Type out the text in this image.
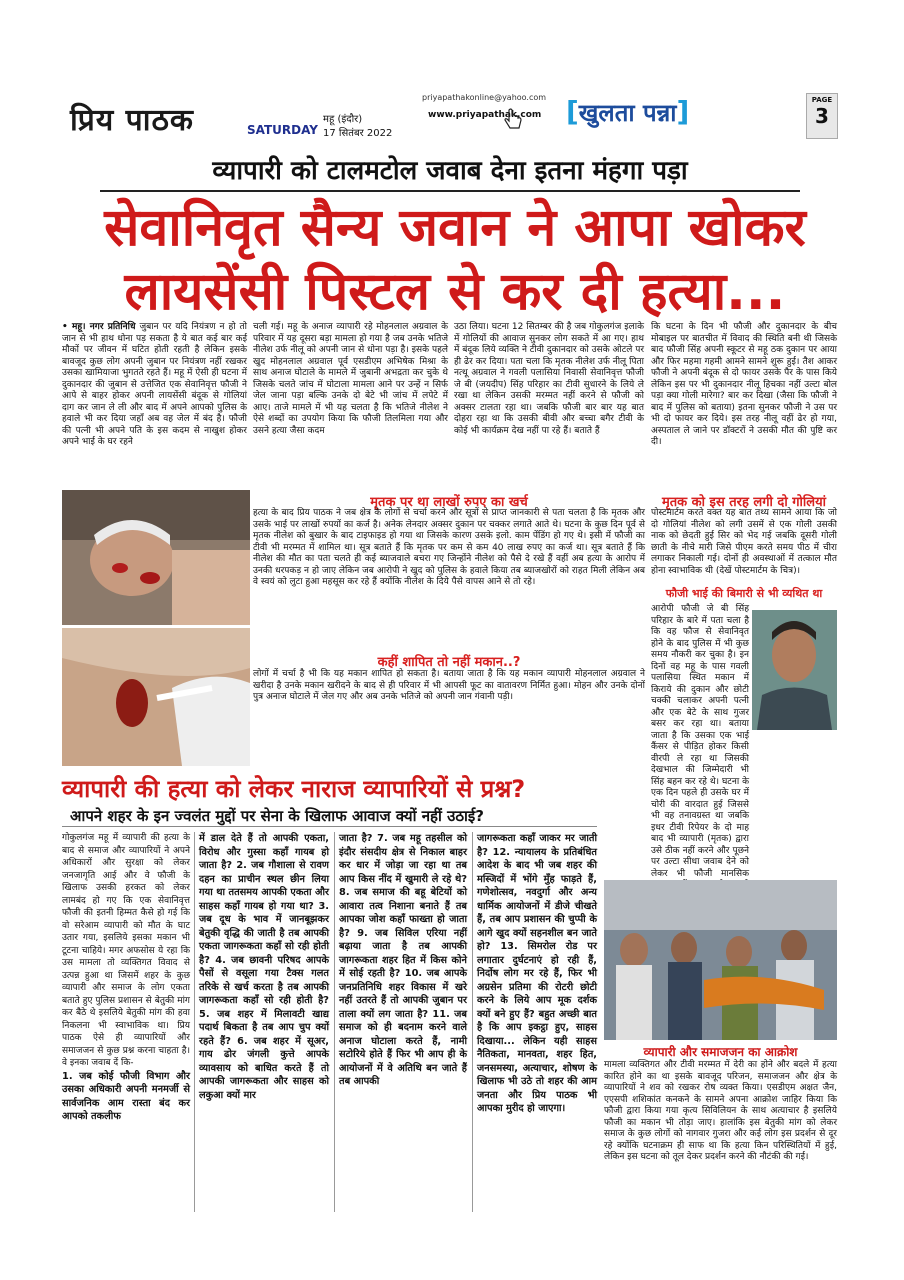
प्रिय पाठक	SATURDAY
महू (इंदौर)
17 सितंबर 2022
priyapathakonline@yahoo.com
www.priyapathak.com [खुलता पन्ना]	PAGE
3
व्यापारी को टालमटोल जवाब देना इतना मंहगा पड़ा
सेवानिवृत सैन्य जवान ने आपा खोकर
लायसेंसी पिस्टल से कर दी हत्या...

• महू। नगर प्रतिनिधि जुबान पर यदि नियंत्रण न हो तो जान से भी हाथ धोना पड़ सकता है ये बात कई बार कई मौकों पर जीवन में घटित होती रहती है लेकिन इसके बावजूद कुछ लोग अपनी जुबान पर नियंत्रण नहीं रखकर उसका खामियाजा भुगतते रहते हैं। महू में ऐसी ही घटना में दुकानदार की जुबान से उत्तेजित एक सेवानिवृत्त फौजी ने आपे से बाहर होकर अपनी लायसेंसी बंदूक से गोलियां दाग कर जान ले ली और बाद में अपने आपको पुलिस के हवाले भी कर दिया जहाँ अब वह जेल में बंद है। फौजी की पत्नी भी अपने पति के इस कदम से नाखुश होकर अपने भाई के घर रहने

चली गई। महू के अनाज व्यापारी रहे मोहनलाल अग्रवाल के परिवार में यह दूसरा बड़ा मामला हो गया है जब उनके भतिजे नीलेश उर्फ नीलू को अपनी जान से धोना पड़ा है। इसके पहले खुद मोहनलाल अग्रवाल पूर्व एसडीएम अभिषेक मिश्रा के साथ अनाज घोटाले के मामले में जुबानी अभद्रता कर चुके थे जिसके चलते जांच में घोटाला मामला आने पर उन्हें न सिर्फ जेल जाना पड़ा बल्कि उनके दो बेटे भी जांच में लपेटे में आए। ताजे मामले में भी यह चलता है कि भतिजे नीलेश ने ऐसे शब्दों का उपयोग किया कि फौजी तिलमिला गया और उसने हत्या जैसा कदम
उठा लिया। घटना 12 सितम्बर की है जब गोकुलगंज इलाके में गोलियों की आवाज सुनकर लोग सकते में आ गए। हाथ में बंदूक लिये व्यक्ति ने टीवी दुकानदार को उसके ओटले पर ही ढेर कर दिया। पता चला कि मृतक नीलेश उर्फ नीलू पिता नत्थू अग्रवाल ने गवली पलासिया निवासी सेवानिवृत्त फौजी जे बी (जयदीप) सिंह परिहार का टीवी सुधारने के लिये ले रखा था लेकिन उसकी मरम्मत नहीं करने से फौजी को अक्सर टालता रहा था। जबकि फौजी बार बार यह बात दोहरा रहा था कि उसकी बीवी और बच्चा बगैर टीवी के कोई भी कार्यक्रम देख नहीं पा रहे हैं। बताते हैं
कि घटना के दिन भी फौजी और दुकानदार के बीच मोबाइल पर बातचीत में विवाद की स्थिति बनी थी जिसके बाद फौजी सिंह अपनी स्कूटर से महू ठक दुकान पर आया और फिर महमा गहमी आमने सामने शुरू हुई। तैश आकर फौजी ने अपनी बंदूक से दो फायर उसके पैर के पास किये लेकिन इस पर भी दुकानदार नीलू हिचका नहीं उल्टा बोल पड़ा क्या गोली मारेगा? बार कर दिखा (जैसा कि फौजी ने बाद में पुलिस को बताया) इतना सुनकर फौजी ने उस पर भी दो फायर कर दिये। इस तरह नीलू वहीं ढेर हो गया, अस्पताल ले जाने पर डॉक्टरों ने उसकी मौत की पुष्टि कर दी।
मृतक पर था लाखों रुपए का खर्च
हत्या के बाद प्रिय पाठक ने जब क्षेत्र के लोगों से चर्चा करने और सूत्रों से प्राप्त जानकारी से पता चलता है कि मृतक और उसके भाई पर लाखों रुपयों का कर्ज है। अनेक लेनदार अक्सर दुकान पर चक्कर लगाते आते थे। घटना के कुछ दिन पूर्व से मृतक नीलेश को बुखार के बाद टाइफाइड हो गया था जिसके कारण उसके इलो. काम पेंडिंग हो गए थे। इसी में फौजी का टीवी भी मरम्मत में शामिल था। सूत्र बताते हैं कि मृतक पर कम से कम 40 लाख रुपए का कर्ज था। सूत्र बताते हैं कि नीलेश की मौत का पता चलते ही कई ब्याजवाले बचरा गए जिन्होंने नीलेश को पैसे दे रखे हैं वहीं अब हत्या के आरोप में उनकी धरपकड़ न हो जाए लेकिन जब आरोपी ने खुद को पुलिस के हवाले किया तब ब्याजखोरों को राहत मिली लेकिन अब वे स्वयं को लुटा हुआ महसूस कर रहे हैं क्योंकि नीलेश के दिये पैसे वापस आने से तो रहे।
कहीं शापित तो नहीं मकान..?
लोगों में चर्चा है भी कि यह मकान शापित हो सकता है। बताया जाता है कि यह मकान व्यापारी मोहनलाल अग्रवाल ने खरीदा है उनके मकान खरीदने के बाद से ही परिवार में भी आपसी फूट का वातावरण निर्मित हुआ। मोहन और उनके दोनों पुत्र अनाज घोटाले में जेल गए और अब उनके भतिजे को अपनी जान गंवानी पड़ी।
मृतक को इस तरह लगी दो गोलियां
पोस्टमार्टम करते वक्त यह बात तथ्य सामने आया कि जो दो गोलियां नीलेश को लगी उसमें से एक गोली उसकी नाक को छेदती हुई सिर को भेद गई जबकि दूसरी गोली छाती के नीचे मारी जिसे पीएम करते समय पीठ में चीरा लगाकर निकाली गई। दोनों ही अवस्थाओं में तत्काल मौत होना स्वाभाविक थी (देखें पोस्टमार्टम के चित्र)।
फौजी भाई की बिमारी से भी व्यथित था
आरोपी फौजी जे बी सिंह परिहार के बारे में पता चला है कि वह फौज से सेवानिवृत होने के बाद पुलिस में भी कुछ समय नौकरी कर चुका है। इन दिनों वह महू के पास गवली पलासिया स्थित मकान में किराये की दुकान और छोटी चक्की चलाकर अपनी पत्नी और एक बेटे के साथ गुजर बसर कर रहा था। बताया जाता है कि उसका एक भाई कैंसर से पीड़ित होकर किसी वीरपी ले रहा था जिसकी देखभाल की जिम्मेदारी भी सिंह बहन कर रहे थे। घटना के एक दिन पहले ही उसके घर में चोरी की वारदात हुई जिससे भी वह तनावग्रस्त था जबकि इधर टीवी रिपेयर के दो माह बाद भी व्यापारी (मृतक) द्वारा उसे ठीक नहीं करने और पूछने पर उल्टा सीधा जवाब देने को लेकर भी फौजी मानसिक
व्यापारी की हत्या को लेकर नाराज व्यापारियों से प्रश्न?
आपने शहर के इन ज्वलंत मुद्दों पर सेना के खिलाफ आवाज क्यों नहीं उठाई?
गोकुलगंज महू में व्यापारी की हत्या के बाद से समाज और व्यापारियों ने अपने अधिकारों और सुरक्षा को लेकर जनजागृति आई और वे फौजी के खिलाफ उसकी हरकत को लेकर लामबंद हो गए कि एक सेवानिवृत्त फौजी की इतनी हिम्मत कैसे हो गई कि वो सरेआम व्यापारी को मौत के घाट उतार गया, इसलिये इसका मकान भी टूटना चाहिये। मगर अफसोस ये रहा कि उस मामला तो व्यक्तिगत विवाद से उत्पन्न हुआ था जिसमें शहर के कुछ व्यापारी और समाज के लोग एकता बताते हुए पुलिस प्रशासन से बेतुकी मांग कर बैठे थे इसलिये बेतुकी मांग की हवा निकलना भी स्वाभाविक था। प्रिय पाठक ऐसे ही व्यापारियों और समाजजन से कुछ प्रश्न करना चाहता है। वे इनका जवाब दें कि-
1. जब कोई फौजी विभाग और उसका अधिकारी अपनी मनमर्जी से सार्वजनिक आम रास्ता बंद कर आपको तकलीफ
में डाल देते हैं तो आपकी एकता, विरोध और गुस्सा कहाँ गायब हो जाता है? 2. जब गौशाला से रावण दहन का प्राचीन स्थल छीन लिया गया था ततसमय आपकी एकता और साहस कहाँ गायब हो गया था? 3. जब दूध के भाव में जानबूझकर बेतुकी वृद्धि की जाती है तब आपकी एकता जागरूकता कहाँ सो रही होती है? 4. जब छावनी परिषद आपके पैसों से वसूला गया टैक्स गलत तरिके से खर्च करता है तब आपकी जागरूकता कहाँ सो रही होती है? 5. जब शहर में मिलावटी खाद्य पदार्थ बिकता है तब आप चुप क्यों रहते हैं? 6. जब शहर में सूअर, गाय ढोर जंगली कुत्ते आपके व्यावसाय को बाधित करते हैं तो आपकी जागरूकता और साहस को लकुआ क्यों मार
जाता है? 7. जब महू तहसील को इंदौर संसदीय क्षेत्र से निकाल बाहर कर धार में जोड़ा जा रहा था तब आप किस नींद में खुमारी ले रहे थे? 8. जब समाज की बहू बेटियों को आवारा तत्व निशाना बनाते हैं तब आपका जोश कहाँ फाख्ता हो जाता है? 9. जब सिविल एरिया नहीं बढ़ाया जाता है तब आपकी जागरूकता शहर हित में किस कोने में सोई रहती है? 10. जब आपके जनप्रतिनिधि शहर विकास में खरे नहीं उतरते हैं तो आपकी जुबान पर ताला क्यों लग जाता है? 11. जब समाज को ही बदनाम करने वाले अनाज घोटाला करते हैं, नामी सटोरिये होते हैं फिर भी आप ही के आयोजनों में वे अतिथि बन जाते हैं तब आपकी
जागरूकता कहाँ जाकर मर जाती है? 12. न्यायालय के प्रतिबंधित आदेश के बाद भी जब शहर की मस्जिदों में भोंगे मुँह फाड़ते हैं, गणेशोत्सव, नवदुर्गा और अन्य धार्मिक आयोजनों में डीजे चीखते हैं, तब आप प्रशासन की चुप्पी के आगे खुद क्यों सहनशील बन जाते हो? 13. सिमरोल रोड पर लगातार दुर्घटनाएं हो रही हैं, निर्दोष लोग मर रहे हैं, फिर भी अग्रसेन प्रतिमा की रोटरी छोटी करने के लिये आप मूक दर्शक क्यों बने हुए हैं? बहुत अच्छी बात है कि आप इकट्ठा हुए, साहस दिखाया... लेकिन यही साहस नैतिकता, मानवता, शहर हित, जनसमस्या, अत्याचार, शोषण के खिलाफ भी उठे तो शहर की आम जनता और प्रिय पाठक भी आपका मुरीद हो जाएगा।
व्यापारी और समाजजन का आक्रोश
मामला व्यक्तिगत और टीवी मरम्मत में देरी का होने और बदले में हत्या कारित होने का था इसके बावजूद परिजन, समाजजन और क्षेत्र के व्यापारियों ने शव को रखकर रोष व्यक्त किया। एसडीएम अक्षत जैन, एएसपी शशिकांत कनकने के सामने अपना आक्रोश जाहिर किया कि फौजी द्वारा किया गया कृत्य सिविलियन के साथ अत्याचार है इसलिये फौजी का मकान भी तोड़ा जाए। हालांकि इस बेतुकी मांग को लेकर समाज के कुछ लोगों को नागवार गुजरा और कई लोग इस प्रदर्शन से दूर रहे क्योंकि घटनाक्रम ही साफ था कि हत्या किन परिस्थितियों में हुई, लेकिन इस घटना को तूल देकर प्रदर्शन करने की नौटंकी की गई।
